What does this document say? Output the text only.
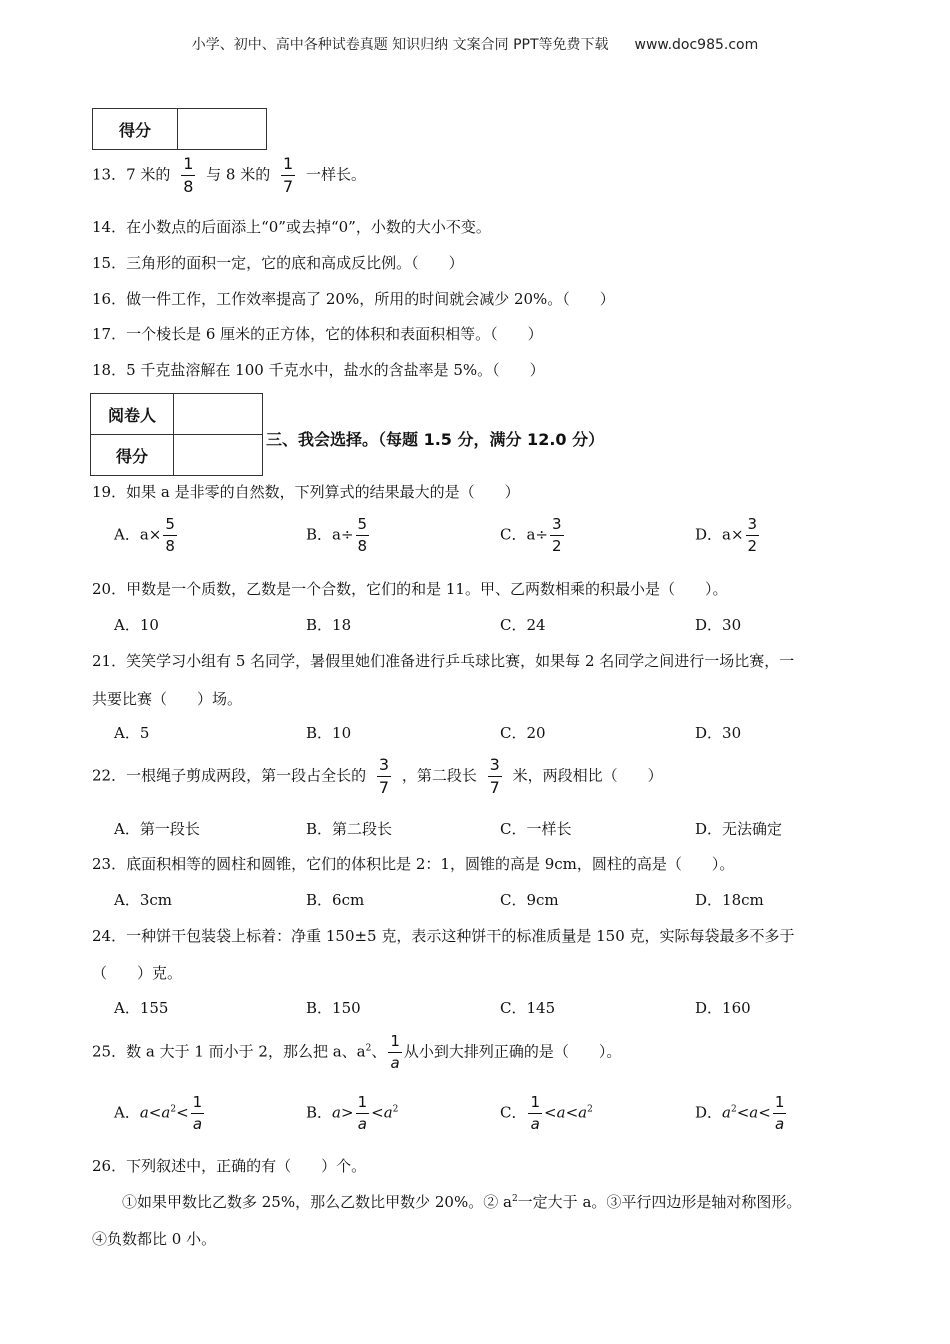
小学、初中、高中各种试卷真题 知识归纳 文案合同 PPT等免费下载 www.doc985.com
得分	
13．7 米的 $\frac{1}{8}$ 与 8 米的 $\frac{1}{7}$ 一样长。
14．在小数点的后面添上“0”或去掉“0”，小数的大小不变。
15．三角形的面积一定，它的底和高成反比例。（　　）
16．做一件工作，工作效率提高了 20%，所用的时间就会减少 20%。（　　）
17．一个棱长是 6 厘米的正方体，它的体积和表面积相等。（　　）
18．5 千克盐溶解在 100 千克水中，盐水的含盐率是 5%。（　　）
阅卷人	
得分	
三、我会选择。（每题 1.5 分，满分 12.0 分）
19．如果 a 是非零的自然数，下列算式的结果最大的是（　　）
A．$a\times \frac{5}{8}$	B．$a\div \frac{5}{8}$	C．$a\div \frac{3}{2}$	D．$a\times \frac{3}{2}$
20．甲数是一个质数，乙数是一个合数，它们的和是 11。甲、乙两数相乘的积最小是（　　）。
A．10	B．18	C．24	D．30
21．笑笑学习小组有 5 名同学，暑假里她们准备进行乒乓球比赛，如果每 2 名同学之间进行一场比赛，一
共要比赛（　　）场。
A．5	B．10	C．20	D．30
22．一根绳子剪成两段，第一段占全长的 $\frac{3}{7}$ ，第二段长 $\frac{3}{7}$ 米，两段相比（　　）
A．第一段长	B．第二段长	C．一样长	D．无法确定
23．底面积相等的圆柱和圆锥，它们的体积比是 2：1，圆锥的高是 9cm，圆柱的高是（　　）。
A．3cm	B．6cm	C．9cm	D．18cm
24．一种饼干包装袋上标着：净重 150±5 克，表示这种饼干的标准质量是 150 克，实际每袋最多不多于
（　　）克。
A．155	B．150	C．145	D．160
25．数 a 大于 1 而小于 2，那么把 a、$a^2$、 $\frac{1}{a}$ 从小到大排列正确的是（　　）。
A．$a<a^2< \frac{1}{a}$	B．$a> \frac{1}{a} <a^2$	C． $\frac{1}{a} <a<a^2$	D．$a^2<a< \frac{1}{a}$
26．下列叙述中，正确的有（　　）个。
①如果甲数比乙数多 25%，那么乙数比甲数少 20%。② $a^2$一定大于 a。③平行四边形是轴对称图形。
④负数都比 0 小。
